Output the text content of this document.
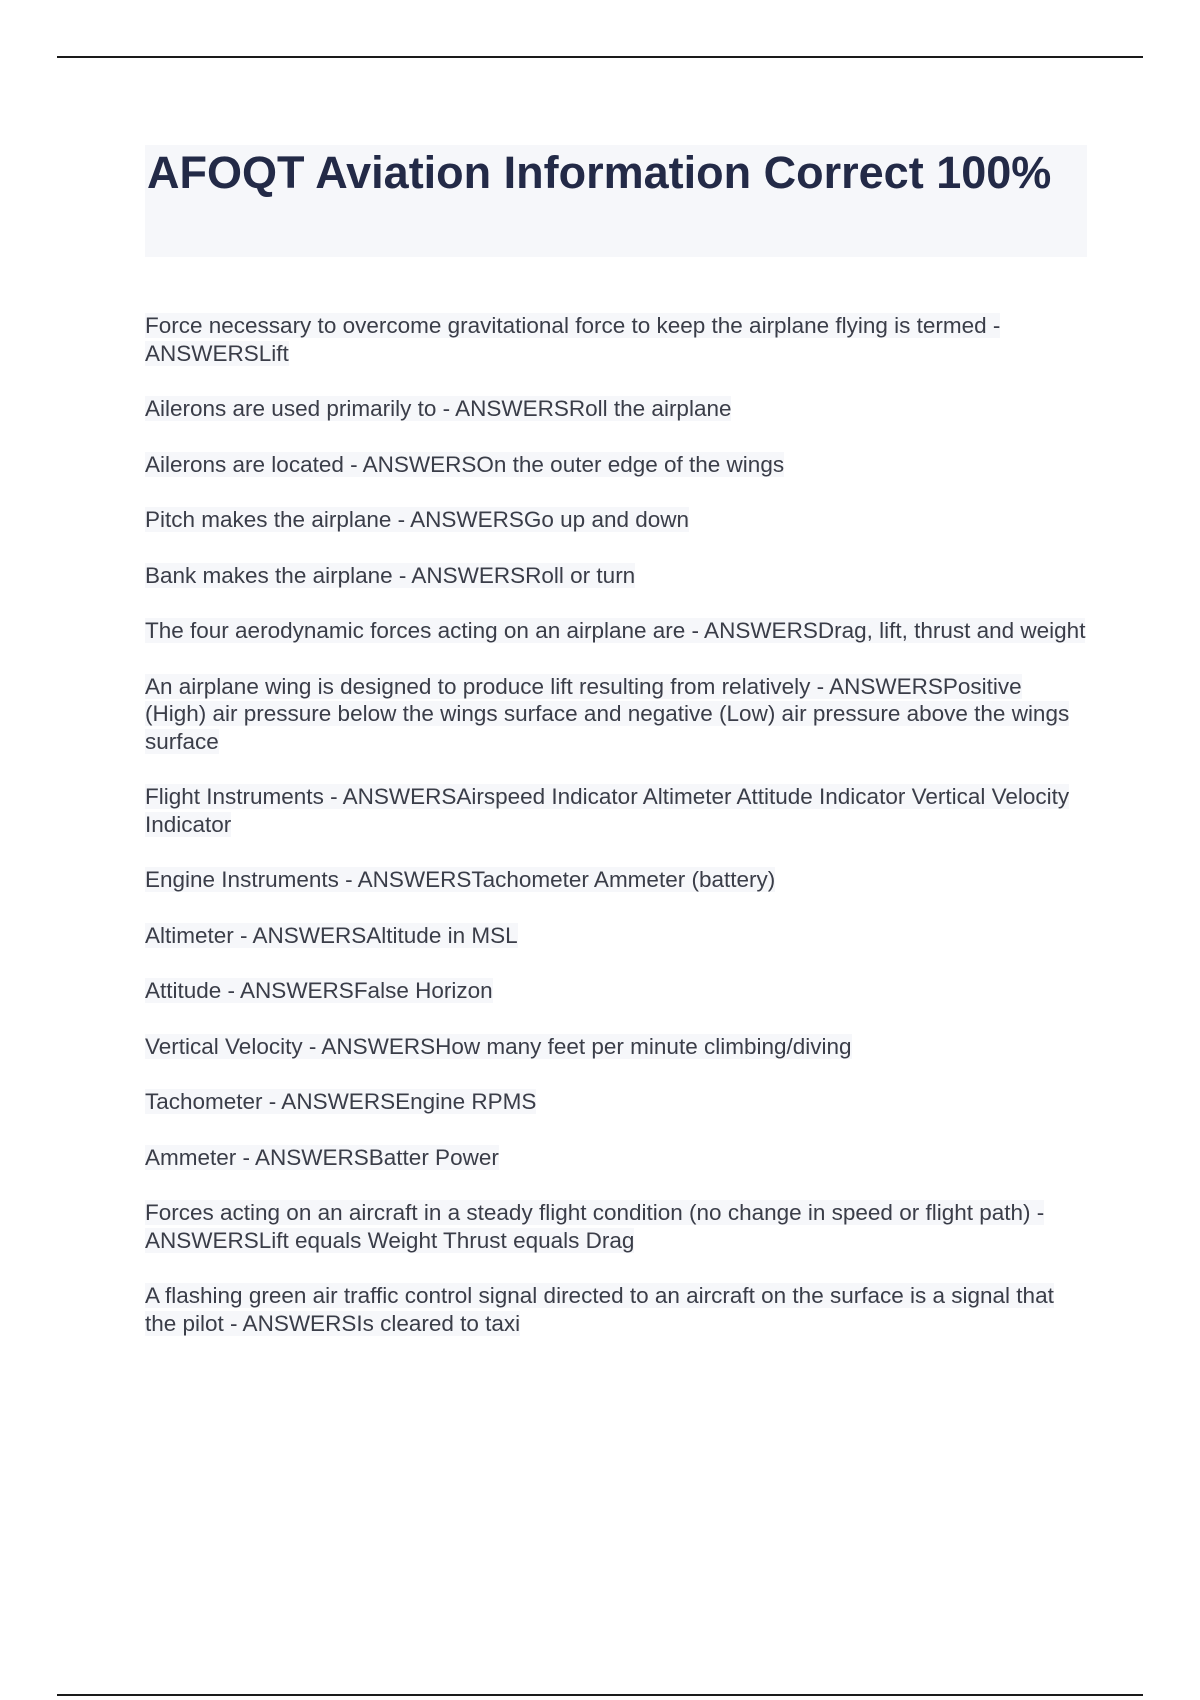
AFOQT Aviation Information Correct 100%
Force necessary to overcome gravitational force to keep the airplane flying is termed - ANSWERSLift
Ailerons are used primarily to - ANSWERSRoll the airplane
Ailerons are located - ANSWERSOn the outer edge of the wings
Pitch makes the airplane - ANSWERSGo up and down
Bank makes the airplane - ANSWERSRoll or turn
The four aerodynamic forces acting on an airplane are - ANSWERSDrag, lift, thrust and weight
An airplane wing is designed to produce lift resulting from relatively - ANSWERSPositive (High) air pressure below the wings surface and negative (Low) air pressure above the wings surface
Flight Instruments - ANSWERSAirspeed Indicator Altimeter Attitude Indicator Vertical Velocity Indicator
Engine Instruments - ANSWERSTachometer Ammeter (battery)
Altimeter - ANSWERSAltitude in MSL
Attitude - ANSWERSFalse Horizon
Vertical Velocity - ANSWERSHow many feet per minute climbing/diving
Tachometer - ANSWERSEngine RPMS
Ammeter - ANSWERSBatter Power
Forces acting on an aircraft in a steady flight condition (no change in speed or flight path) - ANSWERSLift equals Weight Thrust equals Drag
A flashing green air traffic control signal directed to an aircraft on the surface is a signal that the pilot - ANSWERSIs cleared to taxi
